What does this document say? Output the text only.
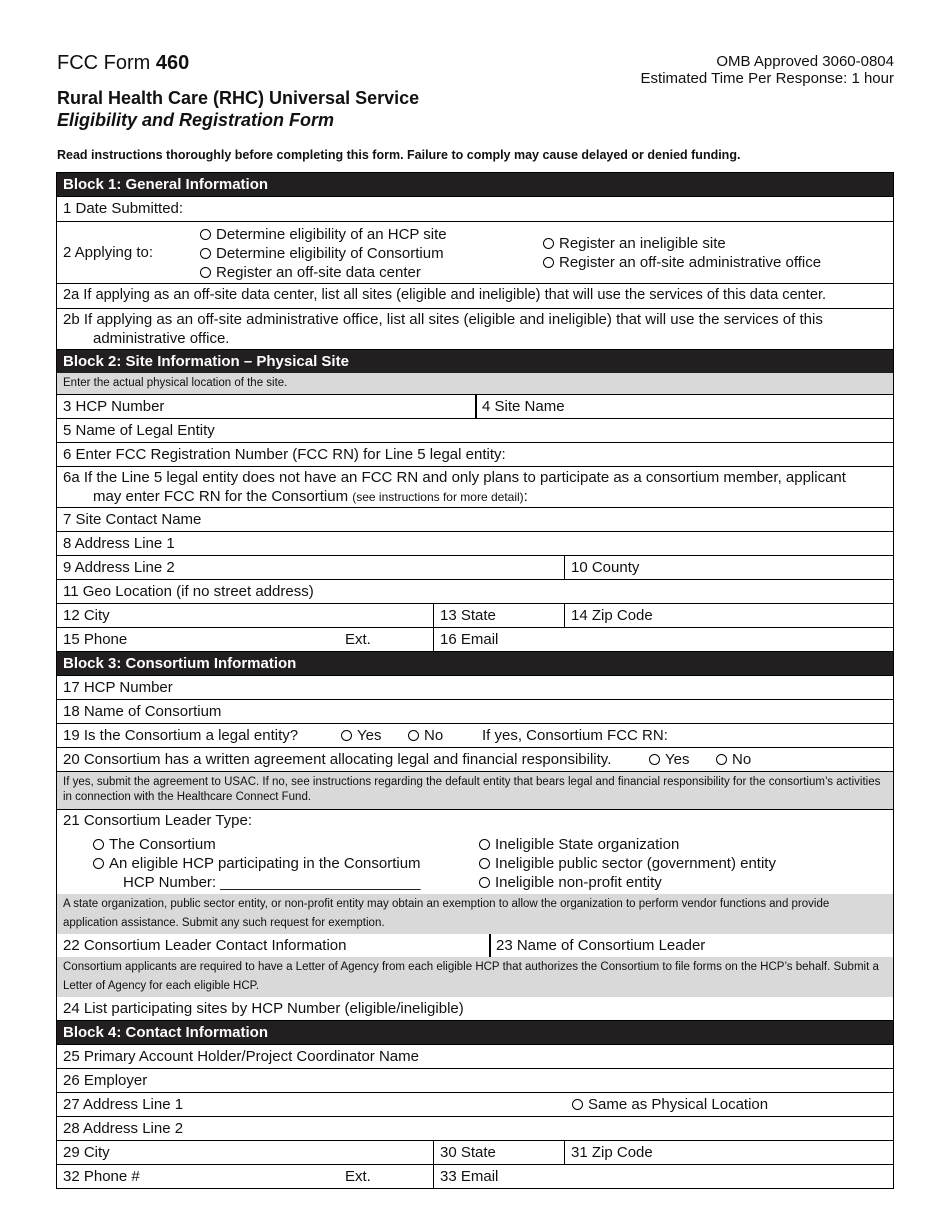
FCC Form 460	OMB Approved 3060-0804
Estimated Time Per Response: 1 hour
Rural Health Care (RHC) Universal Service
Eligibility and Registration Form
Read instructions thoroughly before completing this form. Failure to comply may cause delayed or denied funding.
Block 1: General Information
1 Date Submitted:
2 Applying to:
Determine eligibility of an HCP site
Determine eligibility of Consortium
Register an off-site data center
Register an ineligible site
Register an off-site administrative office
2a If applying as an off-site data center, list all sites (eligible and ineligible) that will use the services of this data center.
2b If applying as an off-site administrative office, list all sites (eligible and ineligible) that will use the services of this
administrative office.
Block 2: Site Information – Physical Site
Enter the actual physical location of the site.
3 HCP Number	4 Site Name
5 Name of Legal Entity
6 Enter FCC Registration Number (FCC RN) for Line 5 legal entity:
6a If the Line 5 legal entity does not have an FCC RN and only plans to participate as a consortium member, applicant
may enter FCC RN for the Consortium (see instructions for more detail):
7 Site Contact Name
8 Address Line 1
9 Address Line 2	10 County
11 Geo Location (if no street address)
12 City	13 State	14 Zip Code
15 Phone	Ext.	16 Email
Block 3: Consortium Information
17 HCP Number
18 Name of Consortium
19 Is the Consortium a legal entity?	Yes	No	If yes, Consortium FCC RN:
20 Consortium has a written agreement allocating legal and financial responsibility.	Yes	No
If yes, submit the agreement to USAC. If no, see instructions regarding the default entity that bears legal and financial responsibility for the consortium’s activities in connection with the Healthcare Connect Fund.
21 Consortium Leader Type:
The Consortium
An eligible HCP participating in the Consortium
HCP Number: ________________________
Ineligible State organization
Ineligible public sector (government) entity
Ineligible non-profit entity
A state organization, public sector entity, or non-profit entity may obtain an exemption to allow the organization to perform vendor functions and provide application assistance. Submit any such request for exemption.
22 Consortium Leader Contact Information	23 Name of Consortium Leader
Consortium applicants are required to have a Letter of Agency from each eligible HCP that authorizes the Consortium to file forms on the HCP’s behalf. Submit a Letter of Agency for each eligible HCP.
24 List participating sites by HCP Number (eligible/ineligible)
Block 4: Contact Information
25 Primary Account Holder/Project Coordinator Name
26 Employer
27 Address Line 1	Same as Physical Location
28 Address Line 2
29 City	30 State	31 Zip Code
32 Phone #	Ext.	33 Email
